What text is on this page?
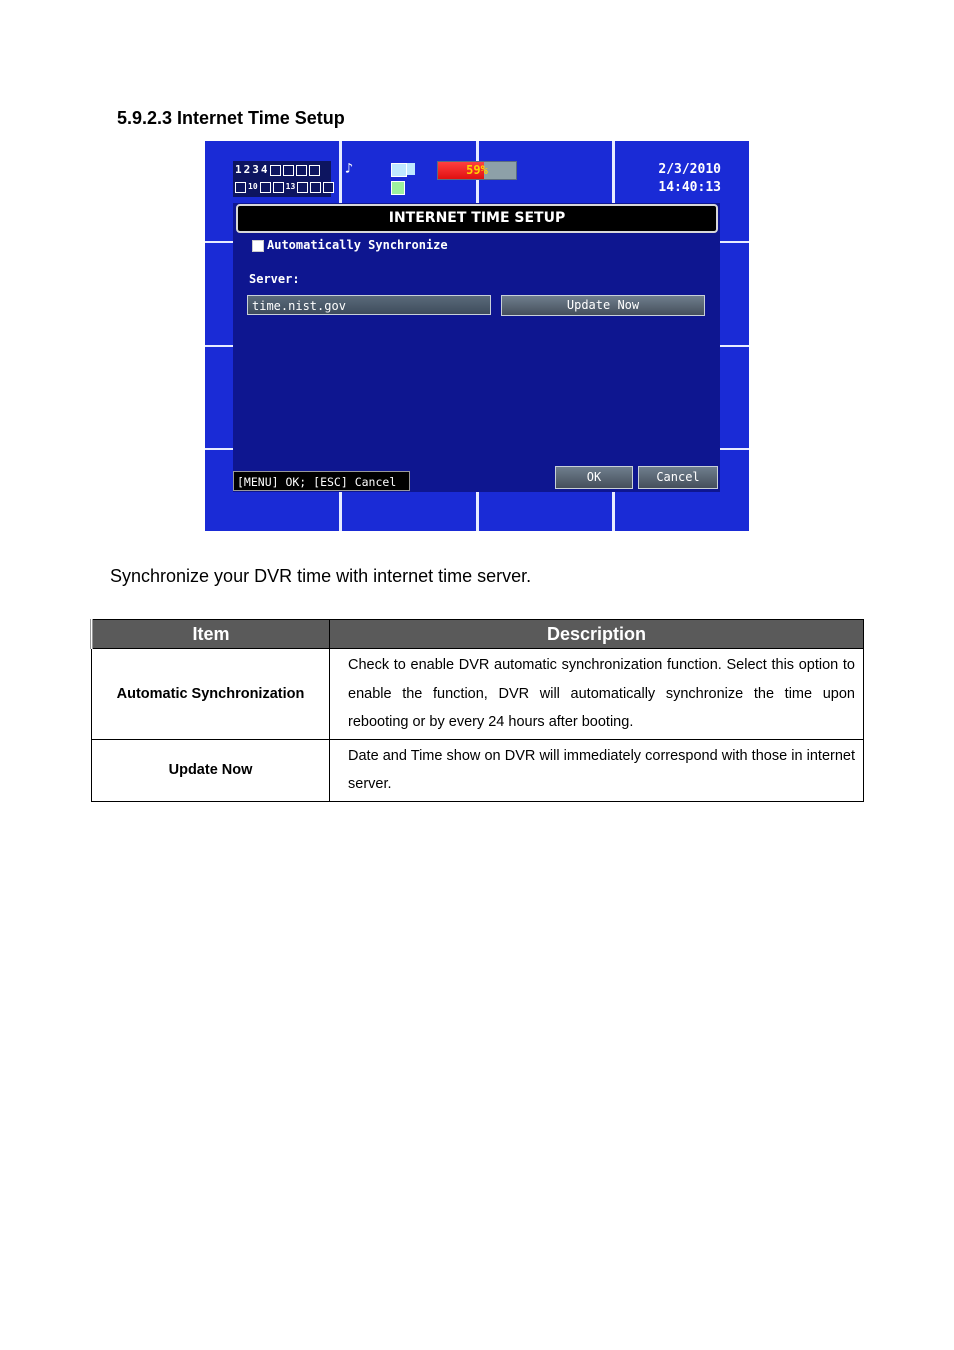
5.9.2.3 Internet Time Setup
1 2 3 4
10	13
♪	59%	2/3/2010
14:40:13
INTERNET TIME SETUP
Automatically Synchronize
Server:
time.nist.gov	Update Now
[MENU] OK; [ESC] Cancel	OK	Cancel
Synchronize your DVR time with internet time server.
Item	Description
Automatic Synchronization	Check to enable DVR automatic synchronization function. Select this option to enable the function, DVR will automatically synchronize the time upon rebooting or by every 24 hours after booting.
Update Now	Date and Time show on DVR will immediately correspond with those in internet server.
